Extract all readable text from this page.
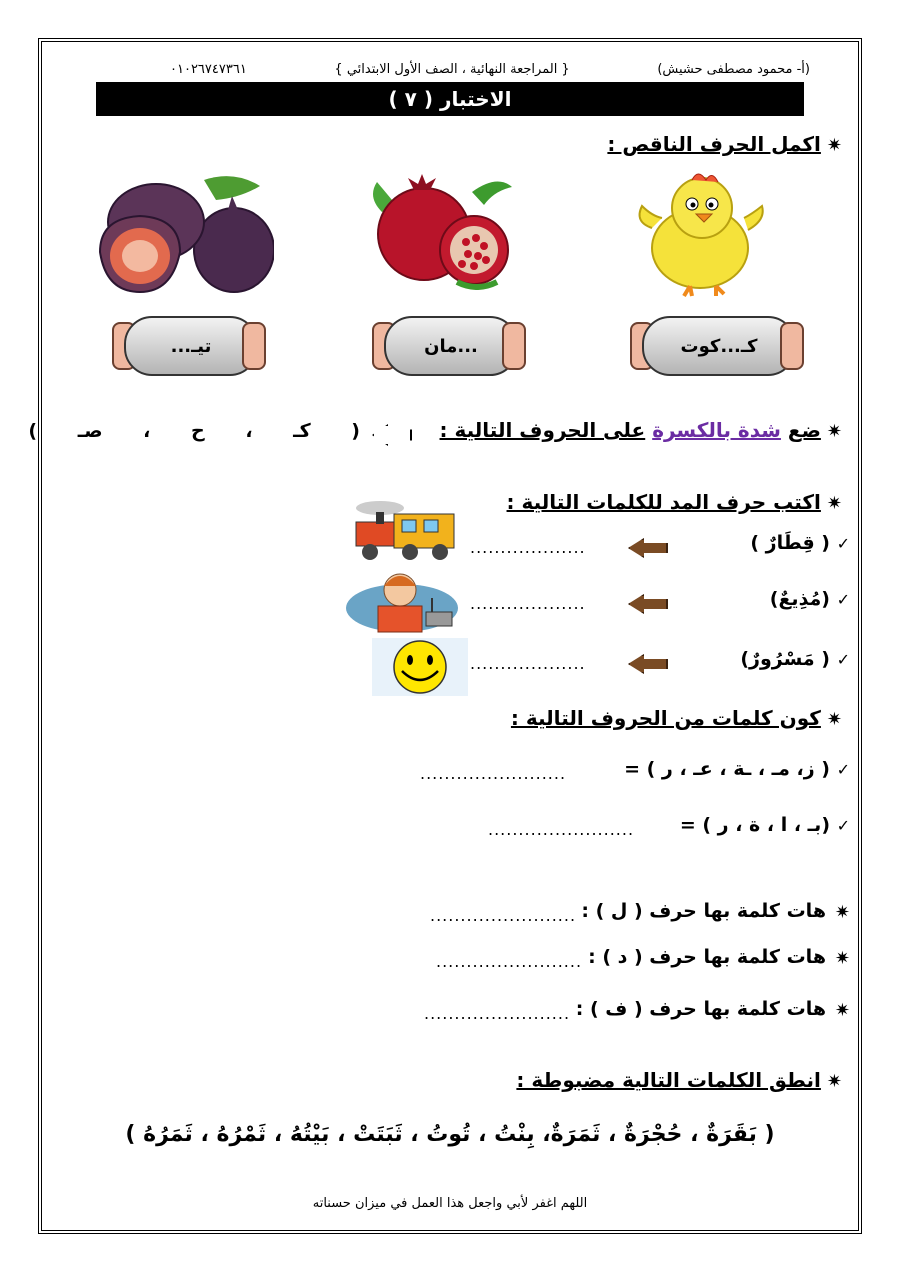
(أ- محمود مصطفى حشيش)
{ المراجعة النهائية ، الصف الأول الابتدائي }
٠١٠٢٦٧٤٧٣٦١
الاختبار ( ٧ )
✷اكمل الحرف الناقص :
كـ...كوت
...مان
تيـ...
✷ضع شدة بالكسرة على الحروف التالية :
( كـ ، ح ، صـ )
✷اكتب حرف المد للكلمات التالية :
...................	( قِطَارٌ ) ✓
...................	(مُذِيعٌ) ✓
...................	( مَسْرُورٌ) ✓
✷كون كلمات من الحروف التالية :
........................	( ز، مـ ، ـة ، عـ ، ر ) = ✓
........................ (بـ ، ا ، ة ، ر ) = ✓
........................ هات كلمة بها حرف ( ل ) : ✷
........................ هات كلمة بها حرف ( د ) : ✷
........................ هات كلمة بها حرف ( ف ) : ✷
✷انطق الكلمات التالية مضبوطة :
( بَقَرَةٌ ، حُجْرَةٌ ، ثَمَرَةٌ، بِنْتُ ، تُوتُ ، ثَبَتَتْ ، بَيْتُهُ ، ثَمْرُهُ ، ثَمَرُهُ )
اللهم اغفر لأبي واجعل هذا العمل في ميزان حسناته
